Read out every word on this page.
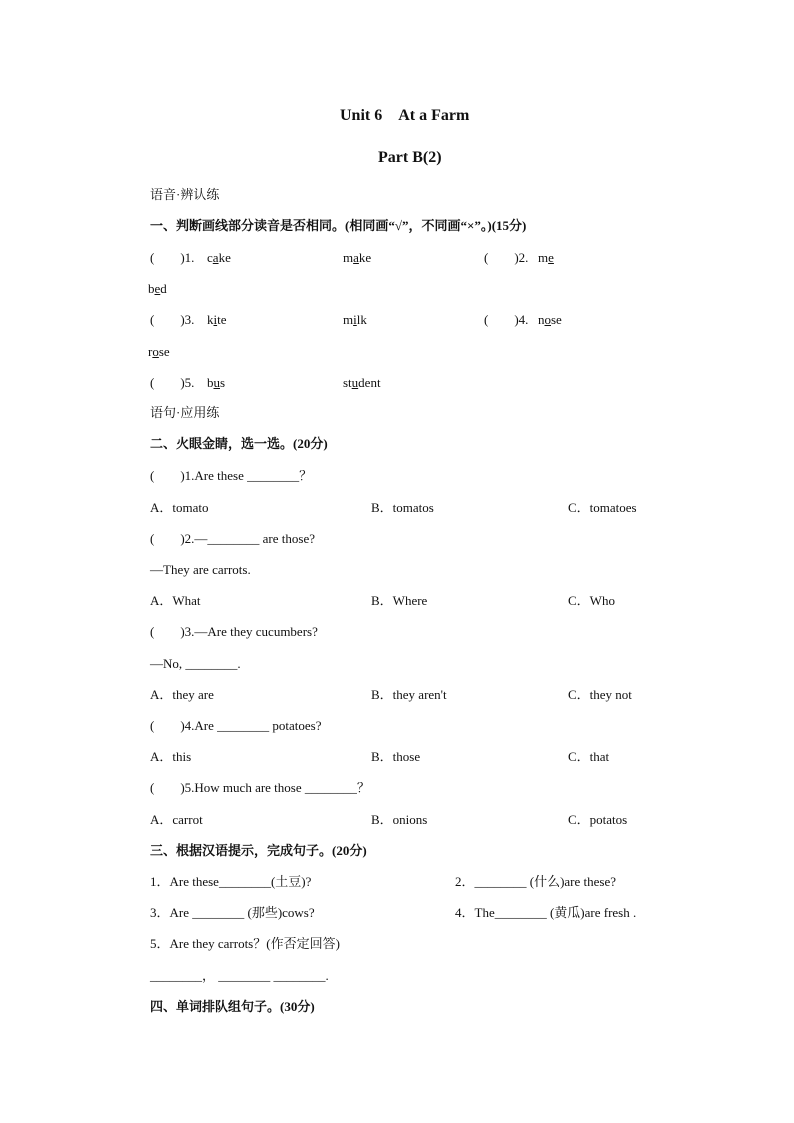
Unit 6　At a Farm
Part B(2)
语音·辨认练
一、判断画线部分读音是否相同。(相同画“√”，不同画“×”。)(15分)
(　　)1. cake	make	(　　)2. me
bed
(　　)3. kite	milk	(　　)4. nose
rose
(　　)5. bus	student
语句·应用练
二、火眼金睛，选一选。(20分)
(　　)1.Are these ________？
A．tomato	B．tomatos	C．tomatoes
(　　)2.—________ are those?
—They are carrots.
A．What	B．Where	C．Who
(　　)3.—Are they cucumbers?
—No, ________.
A．they are	B．they aren't	C．they not
(　　)4.Are ________ potatoes?
A．this	B．those	C．that
(　　)5.How much are those ________？
A．carrot	B．onions	C．potatos
三、根据汉语提示，完成句子。(20分)
1．Are these________(土豆)?	2．________ (什么)are these?
3．Are ________ (那些)cows?	4．The________ (黄瓜)are fresh .
5．Are they carrots？(作否定回答)
________， ________ ________.
四、单词排队组句子。(30分)
